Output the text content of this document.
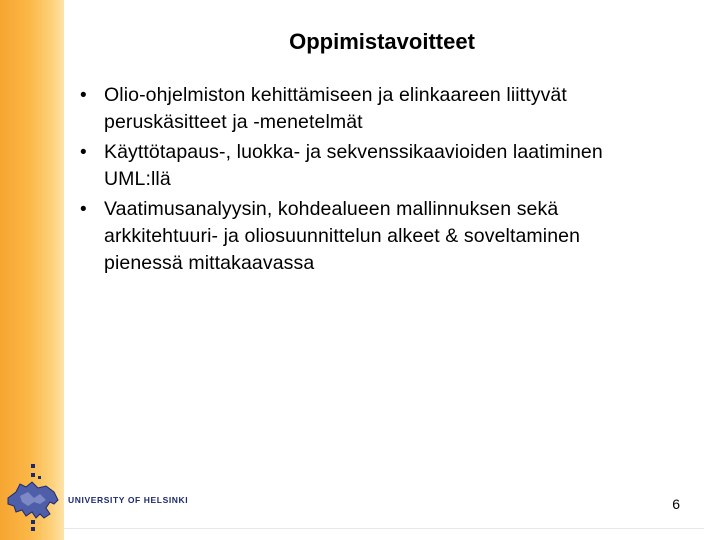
Oppimistavoitteet
• Olio-ohjelmiston kehittämiseen ja elinkaareen liittyvät
peruskäsitteet ja -menetelmät
• Käyttötapaus-, luokka- ja sekvenssikaavioiden laatiminen
UML:llä
• Vaatimusanalyysin, kohdealueen mallinnuksen sekä
arkkitehtuuri- ja oliosuunnittelun alkeet & soveltaminen
pienessä mittakaavassa
UNIVERSITY OF HELSINKI	6
